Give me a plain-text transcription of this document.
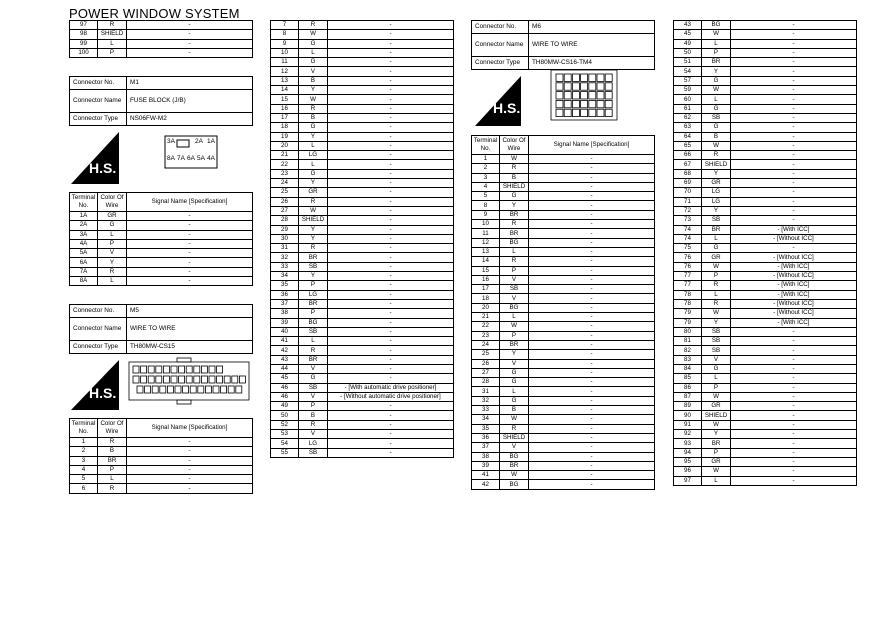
POWER WINDOW SYSTEM
97	R	-
98	SHIELD	-
99	L	-
100	P	-
Connector No.	M1
Connector Name	FUSE BLOCK (J/B)
Connector Type	NS06FW-M2
H.S.
3A	2A 1A
8A 7A 6A 5A 4A
Terminal No.	Color Of Wire	Signal Name [Specification]
1A	GR	-
2A	G	-
3A	L	-
4A	P	-
5A	V	-
6A	Y	-
7A	R	-
8A	L	-
Connector No.	M5
Connector Name	WIRE TO WIRE
Connector Type	TH80MW-CS15
H.S.
Terminal No.	Color Of Wire	Signal Name [Specification]
1	R	-
2	B	-
3	BR	-
4	P	-
5	L	-
6	R	-
7	R	-
8	W	-
9	G	-
10	L	-
11	G	-
12	V	-
13	B	-
14	Y	-
15	W	-
16	R	-
17	B	-
18	G	-
19	Y	-
20	L	-
21	LG	-
22	L	-
23	G	-
24	Y	-
25	GR	-
26	R	-
27	W	-
28	SHIELD	-
29	Y	-
30	Y	-
31	R	-
32	BR	-
33	SB	-
34	Y	-
35	P	-
36	LG	-
37	BR	-
38	P	-
39	BG	-
40	SB	-
41	L	-
42	R	-
43	BR	-
44	V	-
45	G	-
46	SB	- [With automatic drive positioner]
46	V	- [Without automatic drive positioner]
49	P	-
50	B	-
52	R	-
53	V	-
54	LG	-
55	SB	-
Connector No.	M6
Connector Name	WIRE TO WIRE
Connector Type	TH80MW-CS16-TM4
H.S.
Terminal No.	Color Of Wire	Signal Name [Specification]
1	W	-
2	R	-
3	B	-
4	SHIELD	-
5	G	-
8	Y	-
9	BR	-
10	R	-
11	BR	-
12	BG	-
13	L	-
14	R	-
15	P	-
16	V	-
17	SB	-
18	V	-
20	BG	-
21	L	-
22	W	-
23	P	-
24	BR	-
25	Y	-
26	V	-
27	G	-
28	G	-
31	L	-
32	G	-
33	B	-
34	W	-
35	R	-
36	SHIELD	-
37	V	-
38	BG	-
39	BR	-
41	W	-
42	BG	-
43	BG	-
45	W	-
49	L	-
50	P	-
51	BR	-
54	Y	-
57	G	-
59	W	-
60	L	-
61	G	-
62	SB	-
63	G	-
64	B	-
65	W	-
66	R	-
67	SHIELD	-
68	Y	-
69	GR	-
70	LG	-
71	LG	-
72	Y	-
73	SB	-
74	BR	- [With ICC]
74	L	- [Without ICC]
75	G	-
76	GR	- [Without ICC]
76	W	- [With ICC]
77	P	- [Without ICC]
77	R	- [With ICC]
78	L	- [With ICC]
78	R	- [Without ICC]
79	W	- [Without ICC]
79	Y	- [With ICC]
80	SB	-
81	SB	-
82	SB	-
83	V	-
84	G	-
85	L	-
86	P	-
87	W	-
89	GR	-
90	SHIELD	-
91	W	-
92	Y	-
93	BR	-
94	P	-
95	GR	-
96	W	-
97	L	-
